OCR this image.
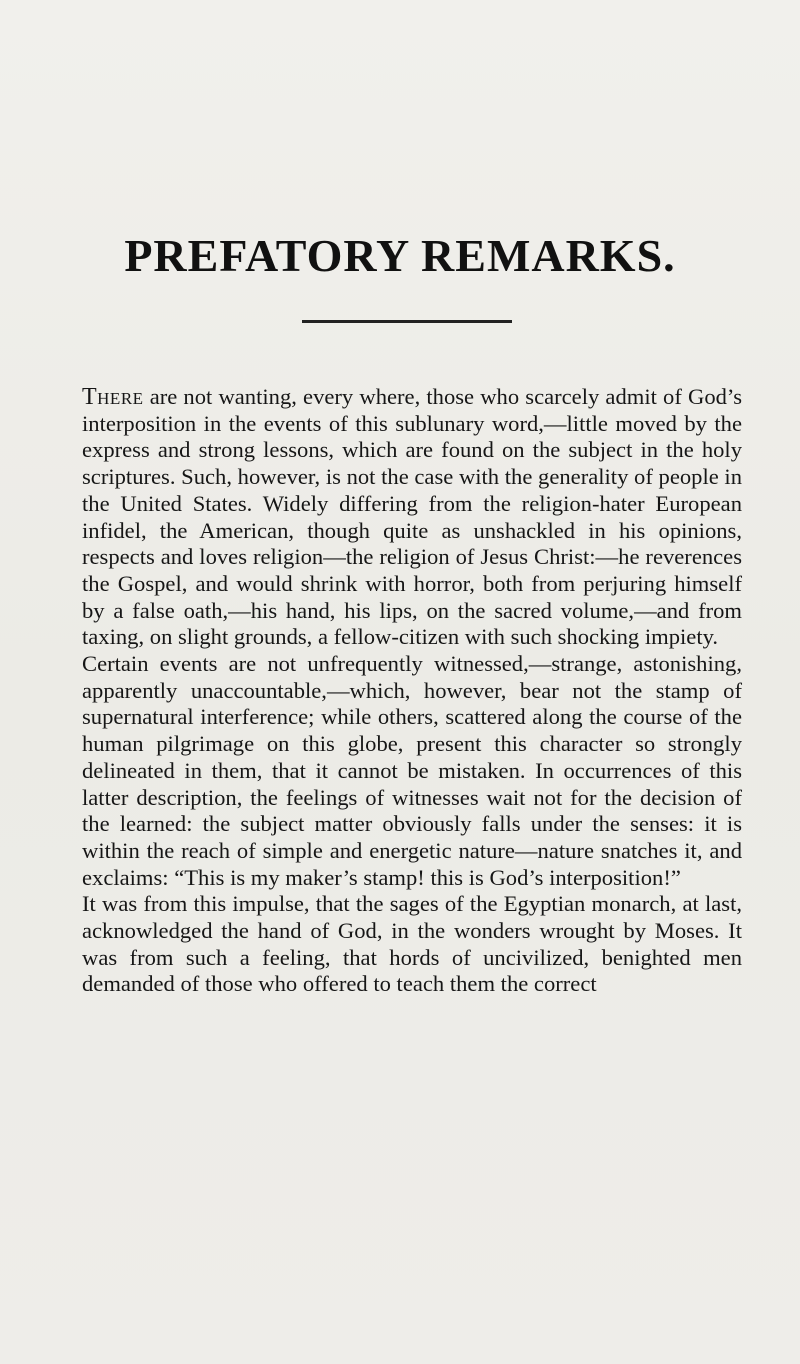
PREFATORY REMARKS.

There are not wanting, every where, those who scarcely admit of God’s interposition in the events of this sublunary word,—little moved by the express and strong lessons, which are found on the subject in the holy scriptures. Such, however, is not the case with the generality of people in the United States. Widely differing from the religion-hater European infidel, the American, though quite as unshackled in his opinions, respects and loves religion—the religion of Jesus Christ:—he reverences the Gospel, and would shrink with horror, both from perjuring himself by a false oath,—his hand, his lips, on the sacred volume,—and from taxing, on slight grounds, a fellow-citizen with such shocking impiety.

Certain events are not unfrequently witnessed,—strange, astonishing, apparently unaccountable,—which, however, bear not the stamp of supernatural interference; while others, scattered along the course of the human pilgrimage on this globe, present this character so strongly delineated in them, that it cannot be mistaken. In occurrences of this latter description, the feelings of witnesses wait not for the decision of the learned: the subject matter obviously falls under the senses: it is within the reach of simple and energetic nature—nature snatches it, and exclaims: “This is my maker’s stamp! this is God’s interposition!”

It was from this impulse, that the sages of the Egyptian monarch, at last, acknowledged the hand of God, in the wonders wrought by Moses. It was from such a feeling, that hords of uncivilized, benighted men demanded of those who offered to teach them the correct
